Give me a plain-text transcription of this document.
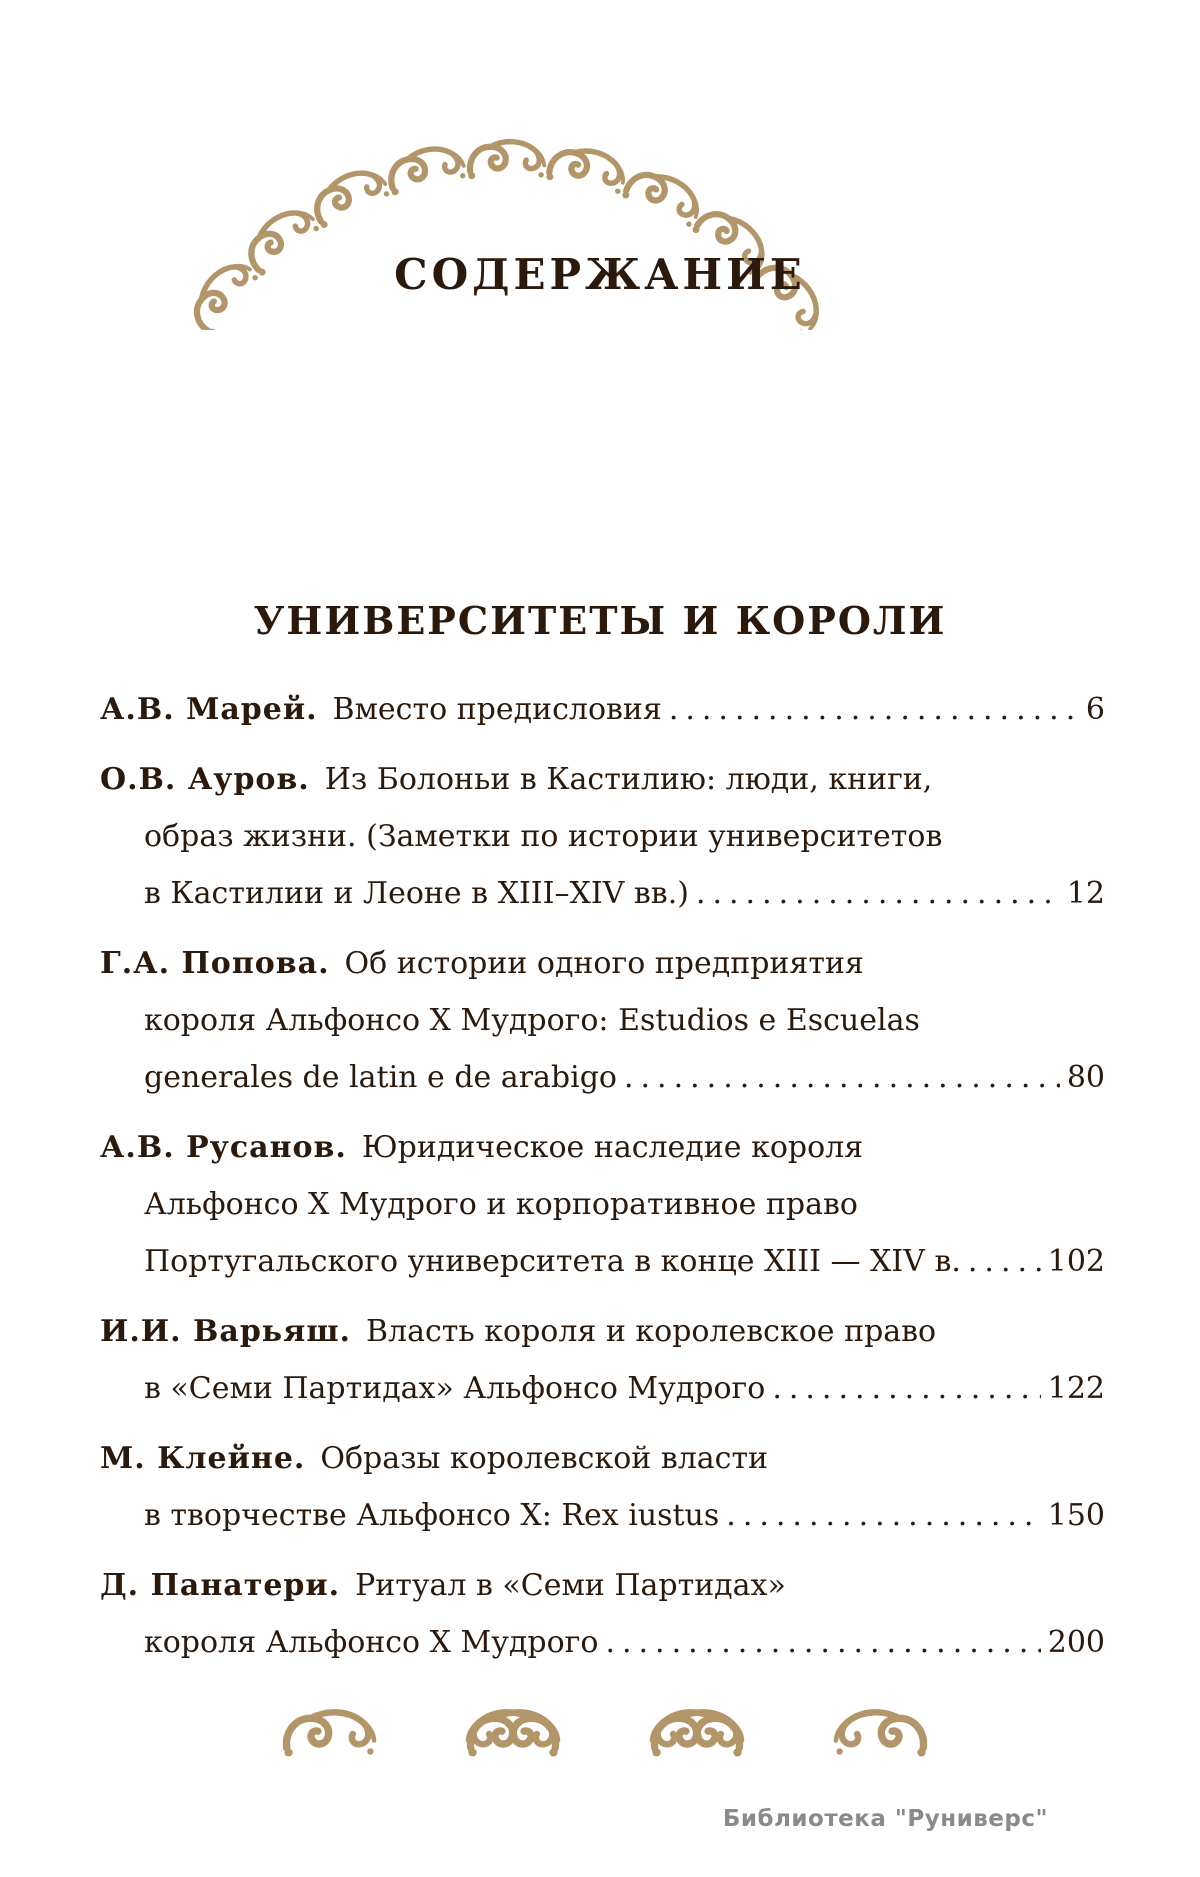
СОДЕРЖАНИЕ
УНИВЕРСИТЕТЫ И КОРОЛИ
А.В. Марей. Вместо предисловия .....	6
О.В. Ауров. Из Болоньи в Кастилию: люди, книги,
образ жизни. (Заметки по истории университетов
в Кастилии и Леоне в XIII–XIV вв.) .....	12
Г.А. Попова. Об истории одного предприятия
короля Альфонсо X Мудрого: Estudios e Escuelas
generales de latin e de arabigo .....	80
А.В. Русанов. Юридическое наследие короля
Альфонсо X Мудрого и корпоративное право
Португальского университета в конце XIII — XIV в. .....	102
И.И. Варьяш. Власть короля и королевское право
в «Семи Партидах» Альфонсо Мудрого .....	122
М. Клейне. Образы королевской власти
в творчестве Альфонсо X: Rex iustus .....	150
Д. Панатери. Ритуал в «Семи Партидах»
короля Альфонсо X Мудрого .....	200
Библиотека "Руниверс"
